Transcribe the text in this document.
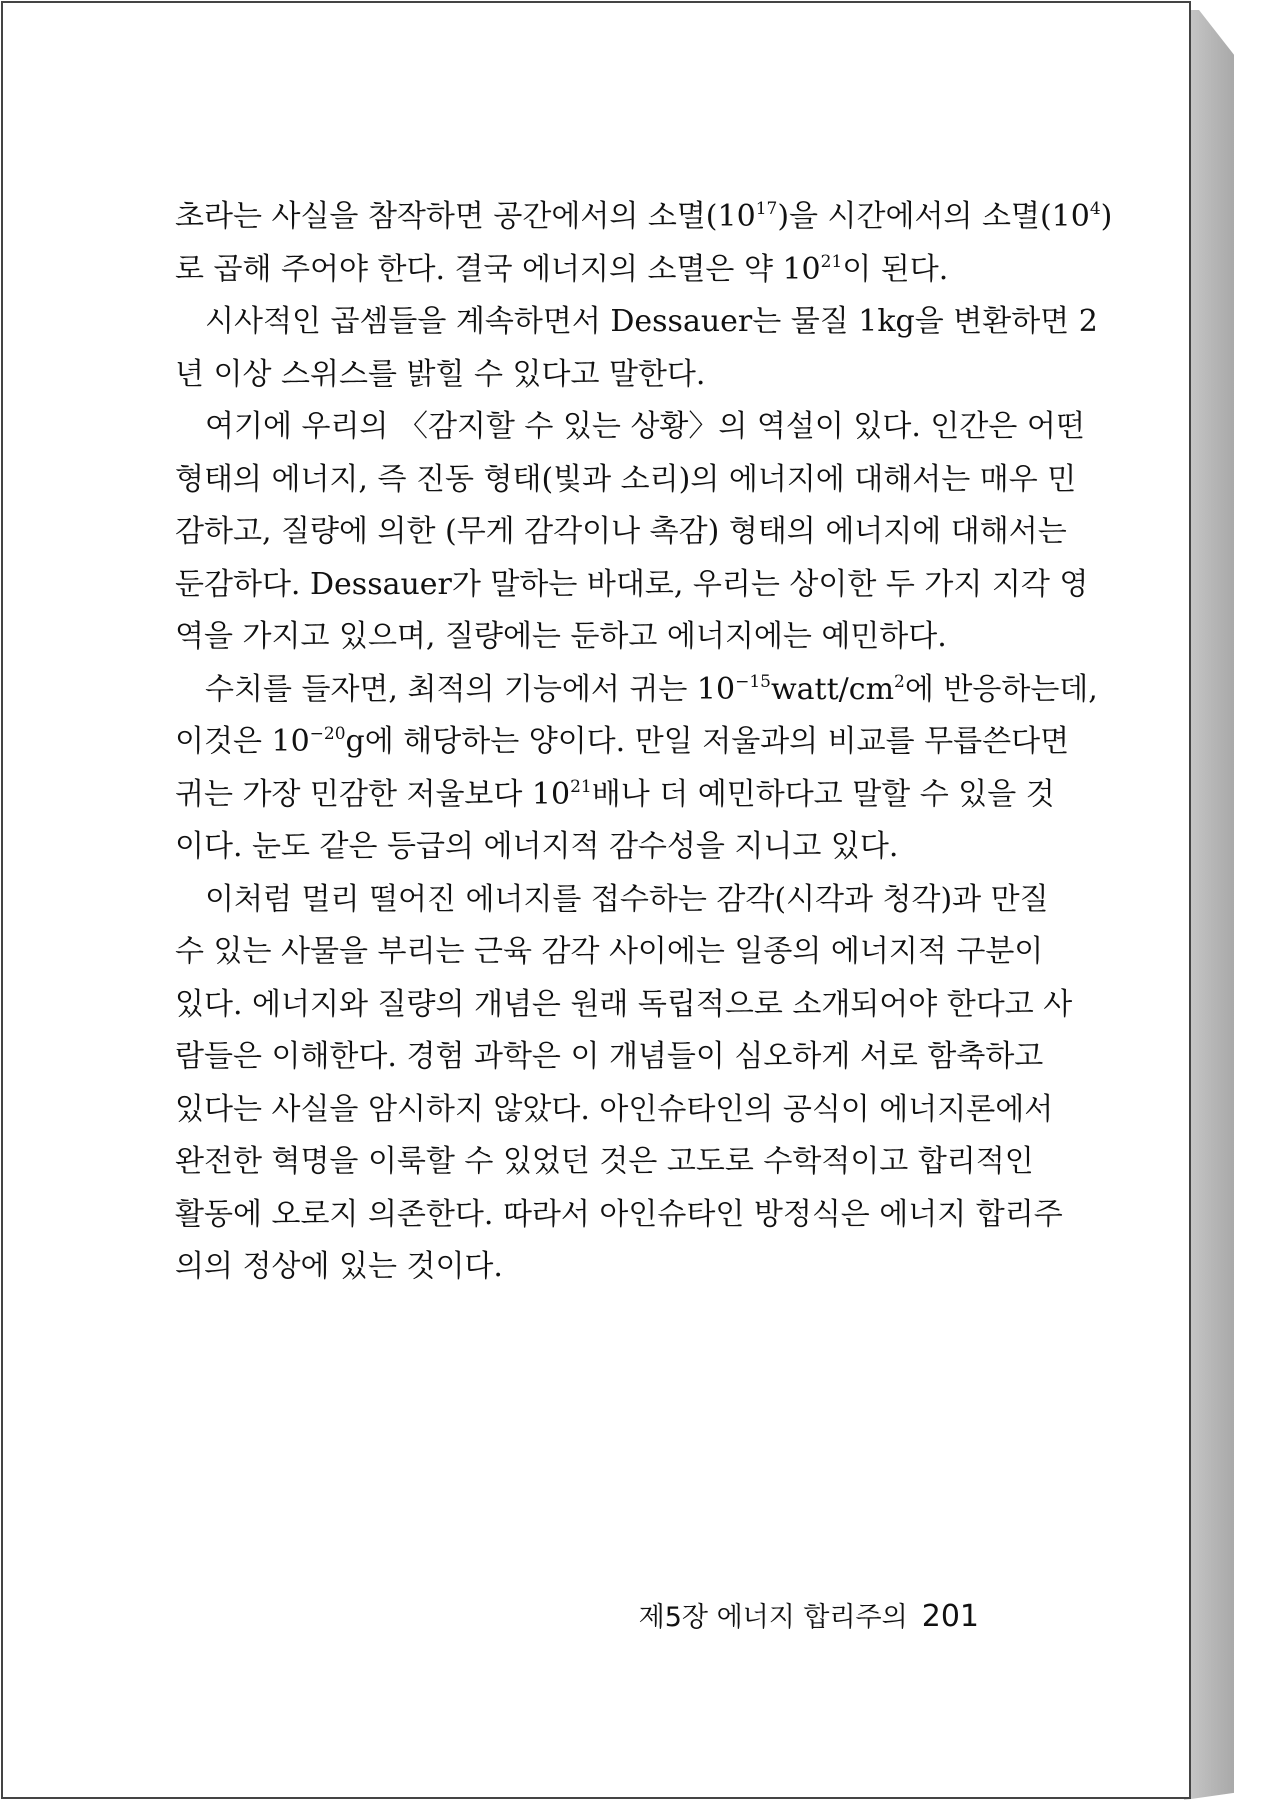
초라는 사실을 참작하면 공간에서의 소멸$(10^{17})$을 시간에서의 소멸$(10^4)$
로 곱해 주어야 한다. 결국 에너지의 소멸은 약 $10^{21}$이 된다.
시사적인 곱셈들을 계속하면서 Dessauer는 물질 1kg을 변환하면 2
년 이상 스위스를 밝힐 수 있다고 말한다.
여기에 우리의 〈감지할 수 있는 상황〉의 역설이 있다. 인간은 어떤
형태의 에너지, 즉 진동 형태(빛과 소리)의 에너지에 대해서는 매우 민
감하고, 질량에 의한 (무게 감각이나 촉감) 형태의 에너지에 대해서는
둔감하다. Dessauer가 말하는 바대로, 우리는 상이한 두 가지 지각 영
역을 가지고 있으며, 질량에는 둔하고 에너지에는 예민하다.
수치를 들자면, 최적의 기능에서 귀는 $10^{-15}watt/cm^2$에 반응하는데,
이것은 $10^{-20}g$에 해당하는 양이다. 만일 저울과의 비교를 무릅쓴다면
귀는 가장 민감한 저울보다 $10^{21}$배나 더 예민하다고 말할 수 있을 것
이다. 눈도 같은 등급의 에너지적 감수성을 지니고 있다.
이처럼 멀리 떨어진 에너지를 접수하는 감각(시각과 청각)과 만질
수 있는 사물을 부리는 근육 감각 사이에는 일종의 에너지적 구분이
있다. 에너지와 질량의 개념은 원래 독립적으로 소개되어야 한다고 사
람들은 이해한다. 경험 과학은 이 개념들이 심오하게 서로 함축하고
있다는 사실을 암시하지 않았다. 아인슈타인의 공식이 에너지론에서
완전한 혁명을 이룩할 수 있었던 것은 고도로 수학적이고 합리적인
활동에 오로지 의존한다. 따라서 아인슈타인 방정식은 에너지 합리주
의의 정상에 있는 것이다.
제5장 에너지 합리주의 201
